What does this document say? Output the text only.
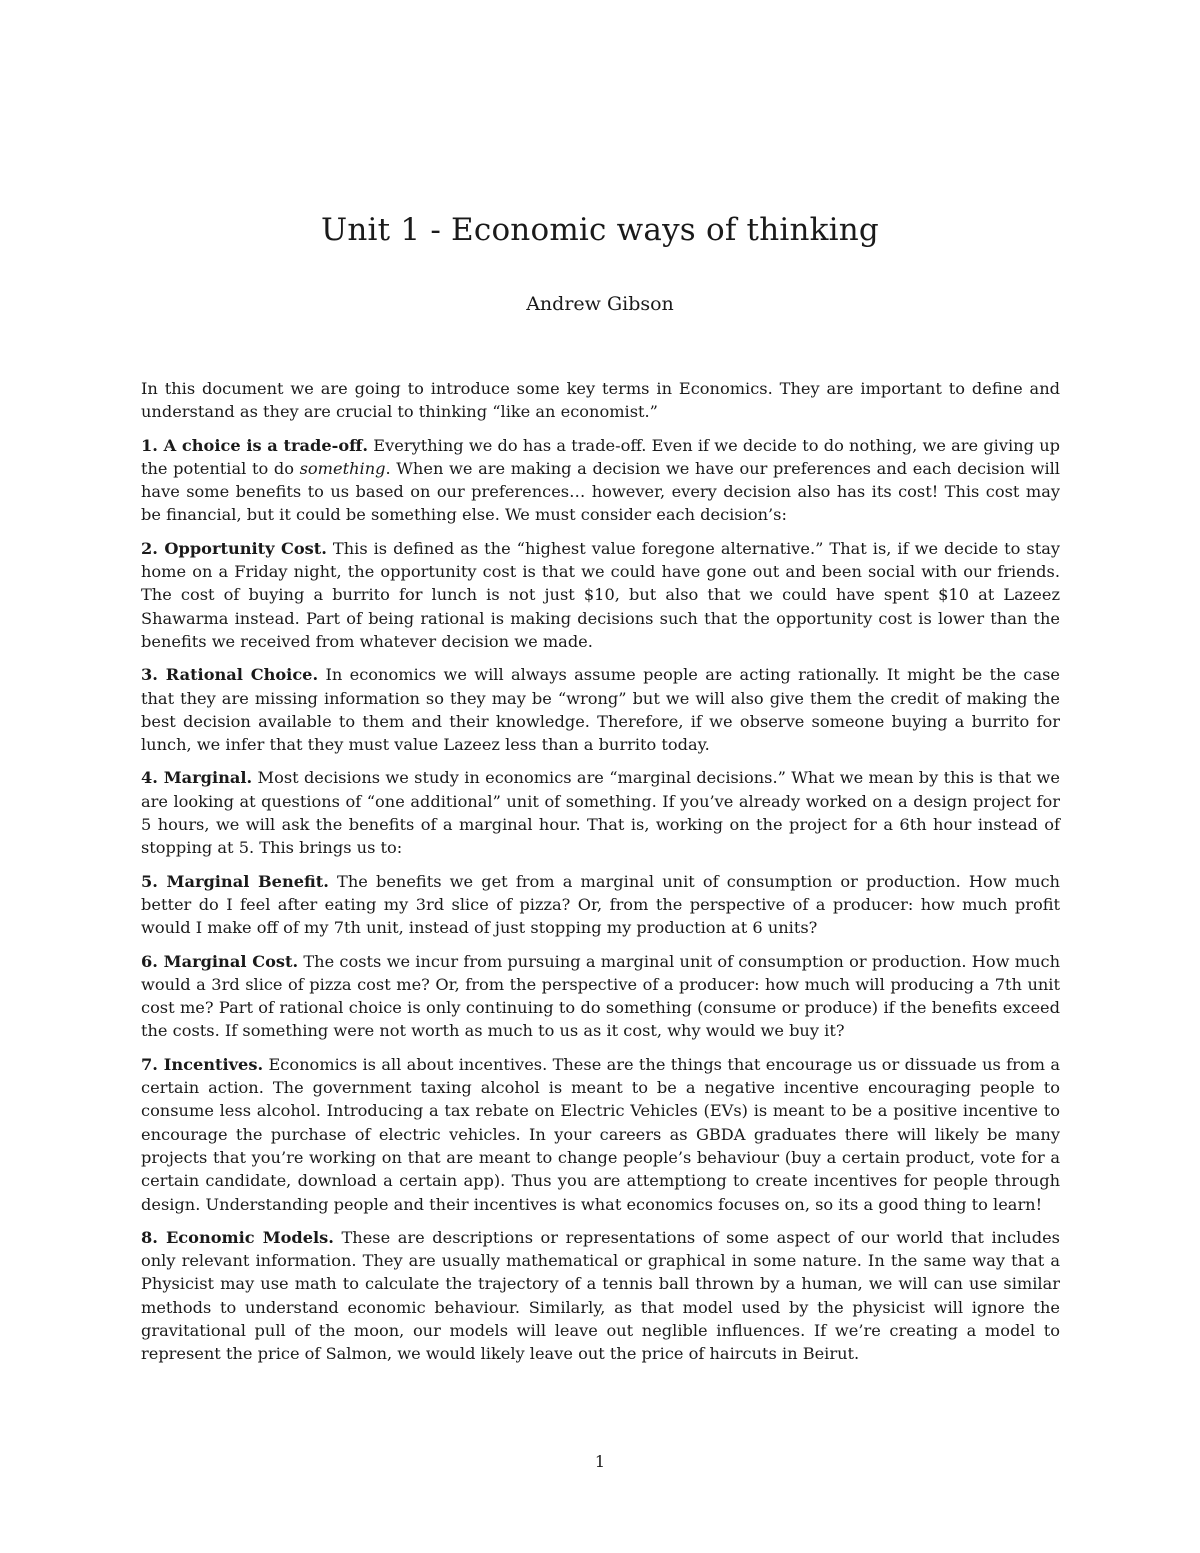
Unit 1 - Economic ways of thinking

Andrew Gibson

In this document we are going to introduce some key terms in Economics. They are important to define and understand as they are crucial to thinking “like an economist.”

1. A choice is a trade-off. Everything we do has a trade-off. Even if we decide to do nothing, we are giving up the potential to do something. When we are making a decision we have our preferences and each decision will have some benefits to us based on our preferences… however, every decision also has its cost! This cost may be financial, but it could be something else. We must consider each decision’s:

2. Opportunity Cost. This is defined as the “highest value foregone alternative.” That is, if we decide to stay home on a Friday night, the opportunity cost is that we could have gone out and been social with our friends. The cost of buying a burrito for lunch is not just $10, but also that we could have spent $10 at Lazeez Shawarma instead. Part of being rational is making decisions such that the opportunity cost is lower than the benefits we received from whatever decision we made.

3. Rational Choice. In economics we will always assume people are acting rationally. It might be the case that they are missing information so they may be “wrong” but we will also give them the credit of making the best decision available to them and their knowledge. Therefore, if we observe someone buying a burrito for lunch, we infer that they must value Lazeez less than a burrito today.

4. Marginal. Most decisions we study in economics are “marginal decisions.” What we mean by this is that we are looking at questions of “one additional” unit of something. If you’ve already worked on a design project for 5 hours, we will ask the benefits of a marginal hour. That is, working on the project for a 6th hour instead of stopping at 5. This brings us to:

5. Marginal Benefit. The benefits we get from a marginal unit of consumption or production. How much better do I feel after eating my 3rd slice of pizza? Or, from the perspective of a producer: how much profit would I make off of my 7th unit, instead of just stopping my production at 6 units?

6. Marginal Cost. The costs we incur from pursuing a marginal unit of consumption or production. How much would a 3rd slice of pizza cost me? Or, from the perspective of a producer: how much will producing a 7th unit cost me? Part of rational choice is only continuing to do something (consume or produce) if the benefits exceed the costs. If something were not worth as much to us as it cost, why would we buy it?

7. Incentives. Economics is all about incentives. These are the things that encourage us or dissuade us from a certain action. The government taxing alcohol is meant to be a negative incentive encouraging people to consume less alcohol. Introducing a tax rebate on Electric Vehicles (EVs) is meant to be a positive incentive to encourage the purchase of electric vehicles. In your careers as GBDA graduates there will likely be many projects that you’re working on that are meant to change people’s behaviour (buy a certain product, vote for a certain candidate, download a certain app). Thus you are attemptiong to create incentives for people through design. Understanding people and their incentives is what economics focuses on, so its a good thing to learn!

8. Economic Models. These are descriptions or representations of some aspect of our world that includes only relevant information. They are usually mathematical or graphical in some nature. In the same way that a Physicist may use math to calculate the trajectory of a tennis ball thrown by a human, we will can use similar methods to understand economic behaviour. Similarly, as that model used by the physicist will ignore the gravitational pull of the moon, our models will leave out neglible influences. If we’re creating a model to represent the price of Salmon, we would likely leave out the price of haircuts in Beirut.

1
